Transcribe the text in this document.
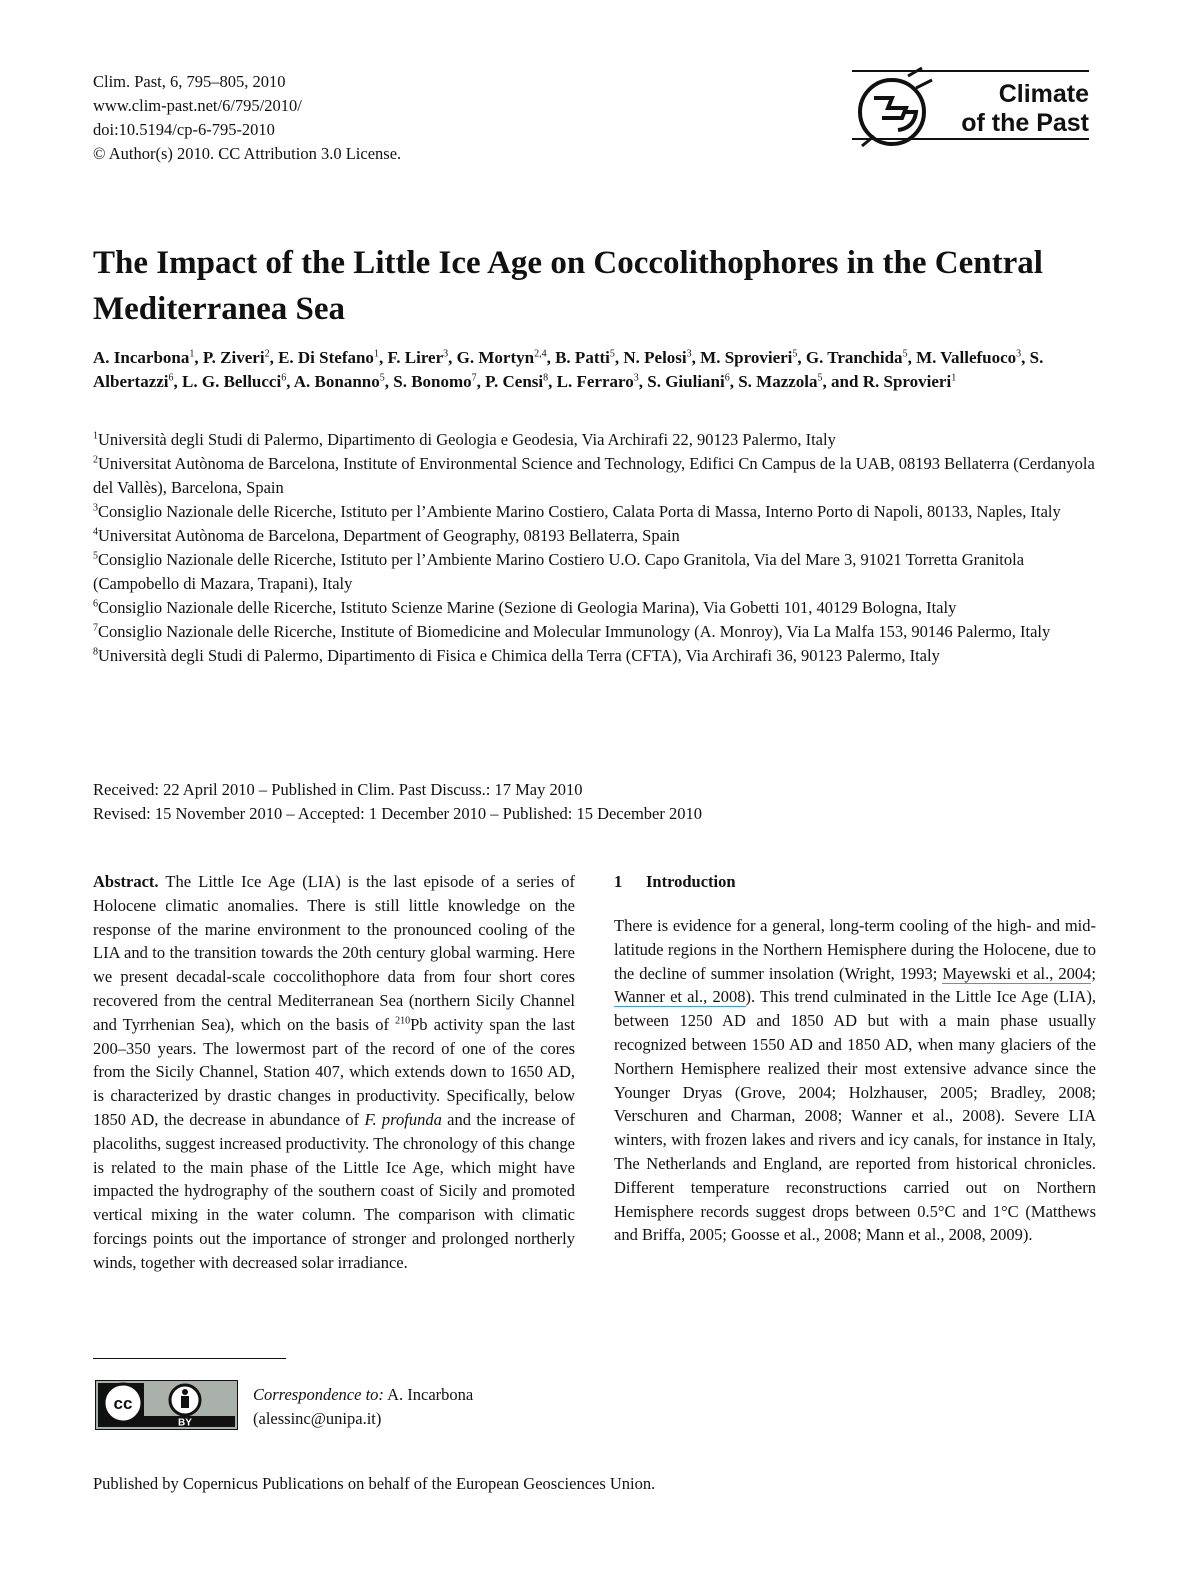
Clim. Past, 6, 795–805, 2010
www.clim-past.net/6/795/2010/
doi:10.5194/cp-6-795-2010
© Author(s) 2010. CC Attribution 3.0 License.
Climate
of the Past
The Impact of the Little Ice Age on Coccolithophores in the Central Mediterranea Sea
A. Incarbona$^1$, P. Ziveri$^2$, E. Di Stefano$^1$, F. Lirer$^3$, G. Mortyn$^{2,4}$, B. Patti$^5$, N. Pelosi$^3$, M. Sprovieri$^5$, G. Tranchida$^5$, M. Vallefuoco$^3$, S. Albertazzi$^6$, L. G. Bellucci$^6$, A. Bonanno$^5$, S. Bonomo$^7$, P. Censi$^8$, L. Ferraro$^3$, S. Giuliani$^6$, S. Mazzola$^5$, and R. Sprovieri$^1$
$^1$Università degli Studi di Palermo, Dipartimento di Geologia e Geodesia, Via Archirafi 22, 90123 Palermo, Italy
$^2$Universitat Autònoma de Barcelona, Institute of Environmental Science and Technology, Edifici Cn Campus de la UAB, 08193 Bellaterra (Cerdanyola del Vallès), Barcelona, Spain
$^3$Consiglio Nazionale delle Ricerche, Istituto per l’Ambiente Marino Costiero, Calata Porta di Massa, Interno Porto di Napoli, 80133, Naples, Italy
$^4$Universitat Autònoma de Barcelona, Department of Geography, 08193 Bellaterra, Spain
$^5$Consiglio Nazionale delle Ricerche, Istituto per l’Ambiente Marino Costiero U.O. Capo Granitola, Via del Mare 3, 91021 Torretta Granitola (Campobello di Mazara, Trapani), Italy
$^6$Consiglio Nazionale delle Ricerche, Istituto Scienze Marine (Sezione di Geologia Marina), Via Gobetti 101, 40129 Bologna, Italy
$^7$Consiglio Nazionale delle Ricerche, Institute of Biomedicine and Molecular Immunology (A. Monroy), Via La Malfa 153, 90146 Palermo, Italy
$^8$Università degli Studi di Palermo, Dipartimento di Fisica e Chimica della Terra (CFTA), Via Archirafi 36, 90123 Palermo, Italy
Received: 22 April 2010 – Published in Clim. Past Discuss.: 17 May 2010
Revised: 15 November 2010 – Accepted: 1 December 2010 – Published: 15 December 2010
Abstract. The Little Ice Age (LIA) is the last episode of a series of Holocene climatic anomalies. There is still little knowledge on the response of the marine environment to the pronounced cooling of the LIA and to the transition towards the 20th century global warming. Here we present decadal-scale coccolithophore data from four short cores recovered from the central Mediterranean Sea (northern Sicily Channel and Tyrrhenian Sea), which on the basis of $^{210}$Pb activity span the last 200–350 years. The lowermost part of the record of one of the cores from the Sicily Channel, Station 407, which extends down to 1650 AD, is characterized by drastic changes in productivity. Specifically, below 1850 AD, the decrease in abundance of F. profunda and the increase of placoliths, suggest increased productivity. The chronology of this change is related to the main phase of the Little Ice Age, which might have impacted the hydrography of the southern coast of Sicily and promoted vertical mixing in the water column. The comparison with climatic forcings points out the importance of stronger and prolonged northerly winds, together with decreased solar irradiance.
1 Introduction
There is evidence for a general, long-term cooling of the high- and mid-latitude regions in the Northern Hemisphere during the Holocene, due to the decline of summer insolation (Wright, 1993; Mayewski et al., 2004; Wanner et al., 2008). This trend culminated in the Little Ice Age (LIA), between 1250 AD and 1850 AD but with a main phase usually recognized between 1550 AD and 1850 AD, when many glaciers of the Northern Hemisphere realized their most extensive advance since the Younger Dryas (Grove, 2004; Holzhauser, 2005; Bradley, 2008; Verschuren and Charman, 2008; Wanner et al., 2008). Severe LIA winters, with frozen lakes and rivers and icy canals, for instance in Italy, The Netherlands and England, are reported from historical chronicles. Different temperature reconstructions carried out on Northern Hemisphere records suggest drops between 0.5°C and 1°C (Matthews and Briffa, 2005; Goosse et al., 2008; Mann et al., 2008, 2009).
cc
BY
Correspondence to: A. Incarbona
(alessinc@unipa.it)
Published by Copernicus Publications on behalf of the European Geosciences Union.
